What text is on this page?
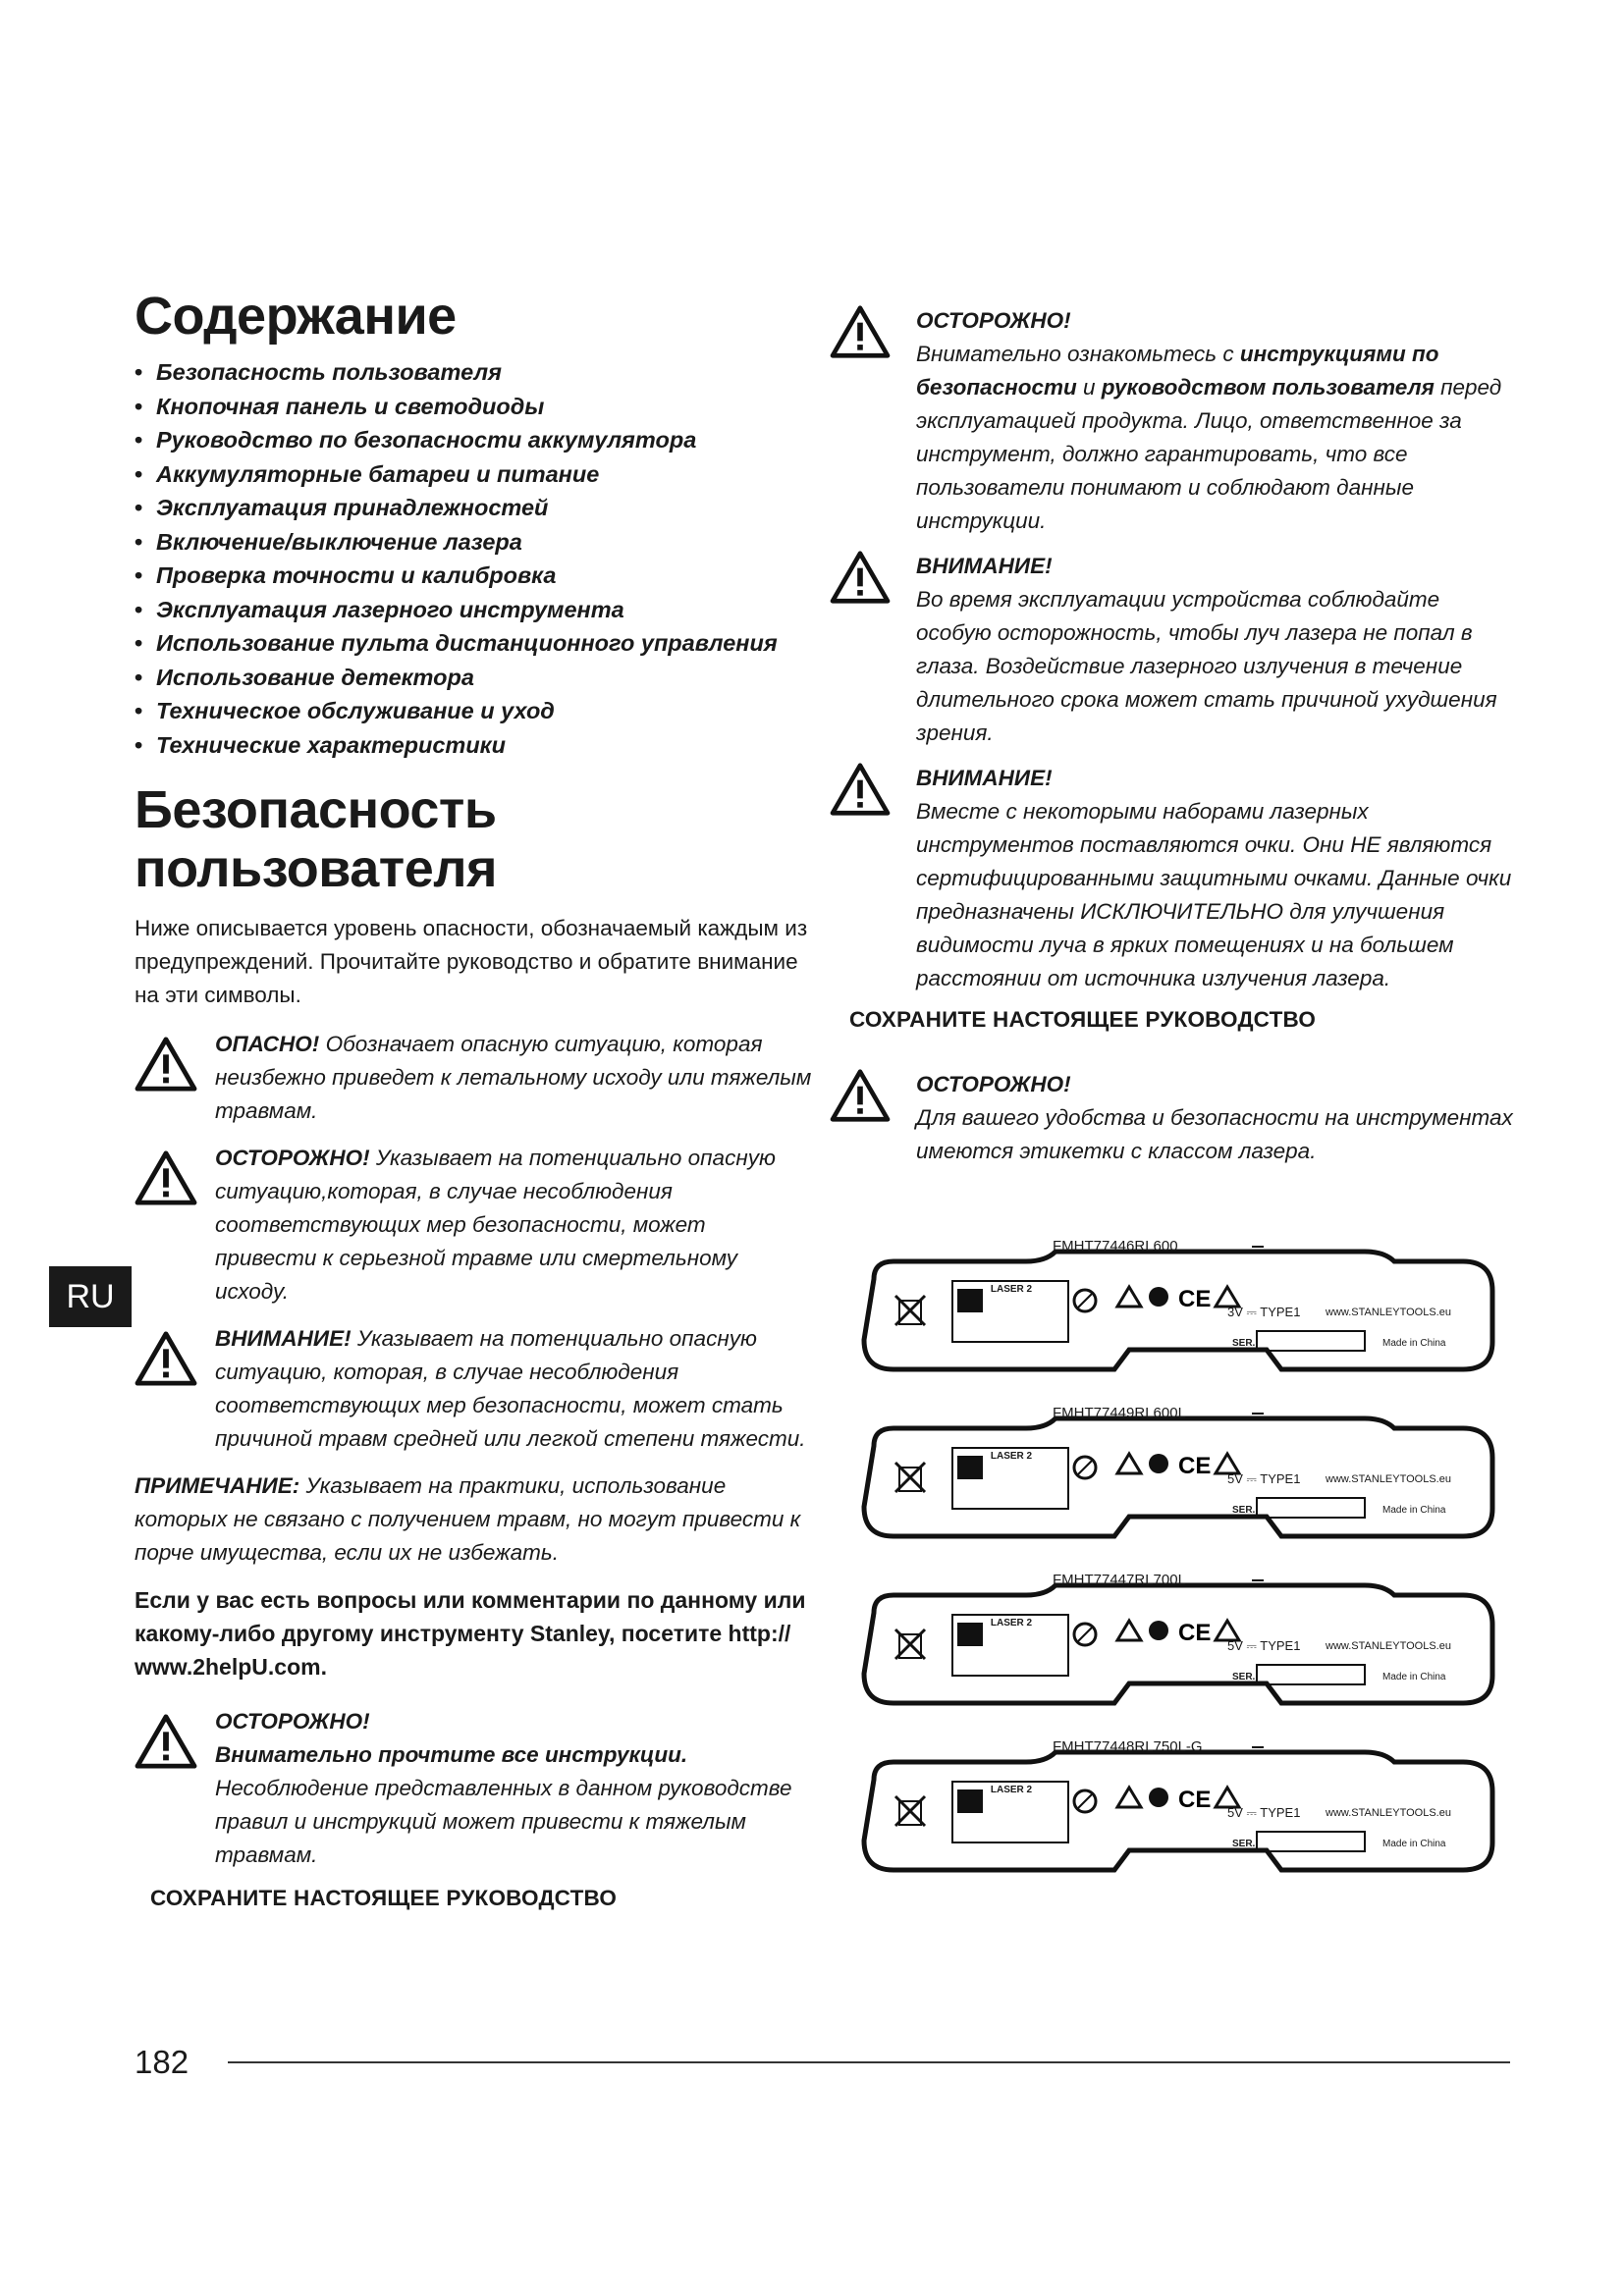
Содержание
• Безопасность пользователя
• Кнопочная панель и светодиоды
• Руководство по безопасности аккумулятора
• Аккумуляторные батареи и питание
• Эксплуатация принадлежностей
• Включение/выключение лазера
• Проверка точности и калибровка
• Эксплуатация лазерного инструмента
• Использование пульта дистанционного управления
• Использование детектора
• Техническое обслуживание и уход
• Технические характеристики
Безопасность пользователя

Ниже описывается уровень опасности, обозначаемый каждым из предупреждений. Прочитайте руководство и обратите внимание на эти символы.

ОПАСНО! Обозначает опасную ситуацию, которая неизбежно приведет к летальному исходу или тяжелым травмам.
ОСТОРОЖНО! Указывает на потенциально опасную ситуацию,которая, в случае несоблюдения соответствующих мер безопасности, может привести к серьезной травме или смертельному исходу.
ВНИМАНИЕ! Указывает на потенциально опасную ситуацию, которая, в случае несоблюдения соответствующих мер безопасности, может стать причиной травм средней или легкой степени тяжести.

ПРИМЕЧАНИЕ: Указывает на практики, использование которых не связано с получением травм, но могут привести к порче имущества, если их не избежать.

Если у вас есть вопросы или комментарии по данному или какому-либо другому инструменту Stanley, посетите http:// www.2helpU.com.

ОСТОРОЖНО!
Внимательно прочтите все инструкции.
Несоблюдение представленных в данном руководстве правил и инструкций может привести к тяжелым травмам.
СОХРАНИТЕ НАСТОЯЩЕЕ РУКОВОДСТВО
ОСТОРОЖНО!
Внимательно ознакомьтесь с инструкциями по безопасности и руководством пользователя перед эксплуатацией продукта. Лицо, ответственное за инструмент, должно гарантировать, что все пользователи понимают и соблюдают данные инструкции.
ВНИМАНИЕ!
Во время эксплуатации устройства соблюдайте особую осторожность, чтобы луч лазера не попал в глаза. Воздействие лазерного излучения в течение длительного срока может стать причиной ухудшения зрения.
ВНИМАНИЕ!
Вместе с некоторыми наборами лазерных инструментов поставляются очки. Они НЕ являются сертифицированными защитными очками. Данные очки предназначены ИСКЛЮЧИТЕЛЬНО для улучшения видимости луча в ярких помещениях и на большем расстоянии от источника излучения лазера.
СОХРАНИТЕ НАСТОЯЩЕЕ РУКОВОДСТВО
ОСТОРОЖНО!
Для вашего удобства и безопасности на инструментах имеются этикетки с классом лазера.
CE
FMHT77446RL600
LASER 2
3V ⎓ TYPE1 www.STANLEYTOOLS.eu
SER.	Made in China
CE
FMHT77449RL600L
LASER 2
5V ⎓ TYPE1 www.STANLEYTOOLS.eu
SER.	Made in China
CE
FMHT77447RL700L
LASER 2
5V ⎓ TYPE1 www.STANLEYTOOLS.eu
SER.	Made in China
CE
FMHT77448RL750L-G
LASER 2
5V ⎓ TYPE1 www.STANLEYTOOLS.eu
SER.	Made in China
RU
182
